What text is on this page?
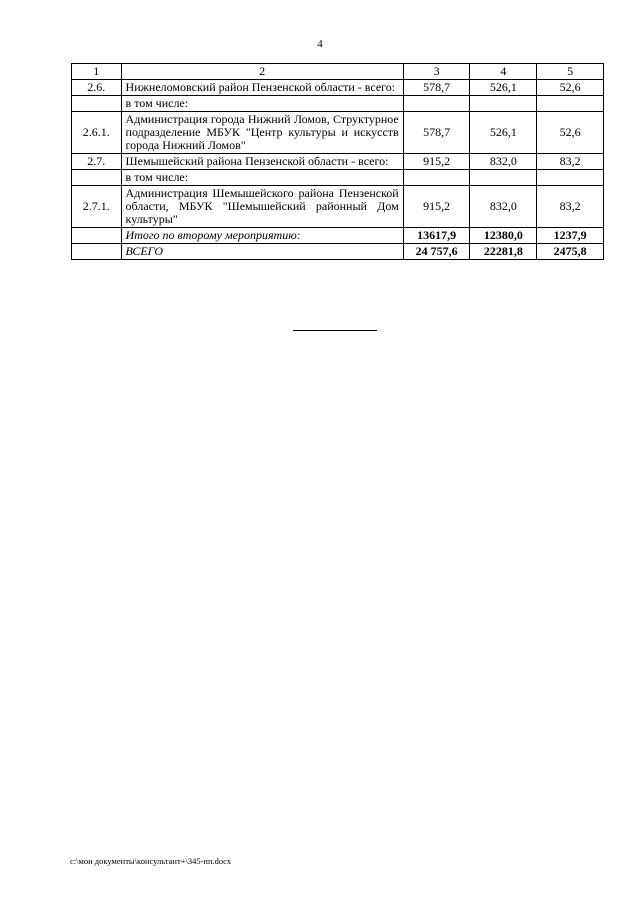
4
1	2	3	4	5
2.6.	Нижнеломовский район Пензенской области - всего:	578,7	526,1	52,6
	в том числе:			
2.6.1.	Администрация города Нижний Ломов, Структурное подразделение МБУК "Центр культуры и искусств города Нижний Ломов"	578,7	526,1	52,6
2.7.	Шемышейский района Пензенской области - всего:	915,2	832,0	83,2
	в том числе:			
2.7.1.	Администрация Шемышейского района Пензенской области, МБУК "Шемышейский районный Дом культуры"	915,2	832,0	83,2
	Итого по второму мероприятию:	13617,9	12380,0	1237,9
	ВСЕГО	24 757,6	22281,8	2475,8
c:\мои документы\консультант+\345-пп.docx
